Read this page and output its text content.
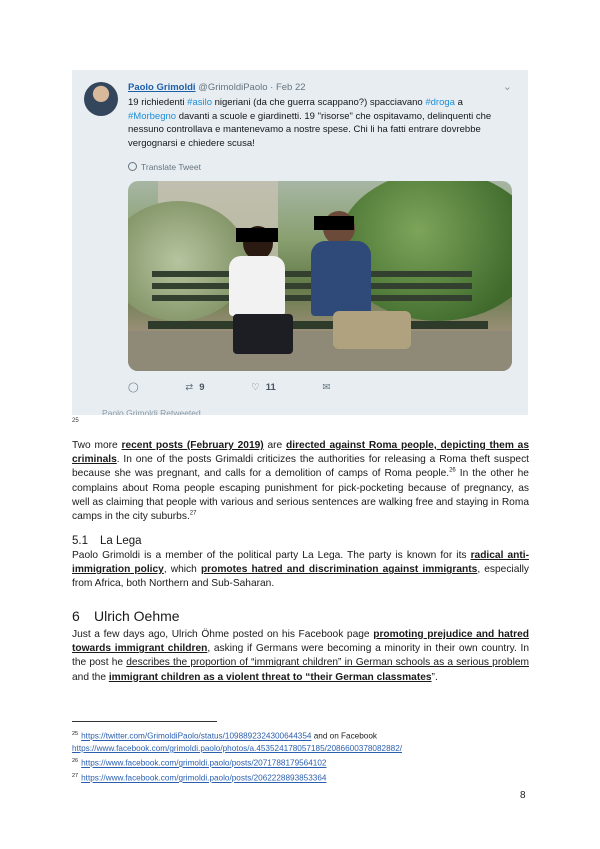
Paolo Grimoldi @GrimoldiPaolo · Feb 22	⌄
19 richiedenti #asilo nigeriani (da che guerra scappano?) spacciavano #droga a #Morbegno davanti a scuole e giardinetti. 19 "risorse" che ospitavamo, delinquenti che nessuno controllava e mantenevamo a nostre spese. Chi li ha fatti entrare dovrebbe vergognarsi e chiedere scusa!
Translate Tweet
◯	⇄ 9	♡ 11	✉
Paolo Grimoldi Retweeted
25
Two more recent posts (February 2019) are directed against Roma people, depicting them as criminals. In one of the posts Grimaldi criticizes the authorities for releasing a Roma theft suspect because she was pregnant, and calls for a demolition of camps of Roma people.$^{26}$ In the other he complains about Roma people escaping punishment for pick-pocketing because of pregnancy, as well as claiming that people with various and serious sentences are walking free and staying in Roma camps in the city suburbs.$^{27}$
5.1 La Lega
Paolo Grimoldi is a member of the political party La Lega. The party is known for its radical anti-immigration policy, which promotes hatred and discrimination against immigrants, especially from Africa, both Northern and Sub-Saharan.
6 Ulrich Oehme
Just a few days ago, Ulrich Öhme posted on his Facebook page promoting prejudice and hatred towards immigrant children, asking if Germans were becoming a minority in their own country. In the post he describes the proportion of “immigrant children” in German schools as a serious problem and the immigrant children as a violent threat to “their German classmates”.
$^{25}$ https://twitter.com/GrimoldiPaolo/status/1098892324300644354 and on Facebook
https://www.facebook.com/grimoldi.paolo/photos/a.453524178057185/2086600378082882/
$^{26}$ https://www.facebook.com/grimoldi.paolo/posts/2071788179564102
$^{27}$ https://www.facebook.com/grimoldi.paolo/posts/2062228893853364
8
